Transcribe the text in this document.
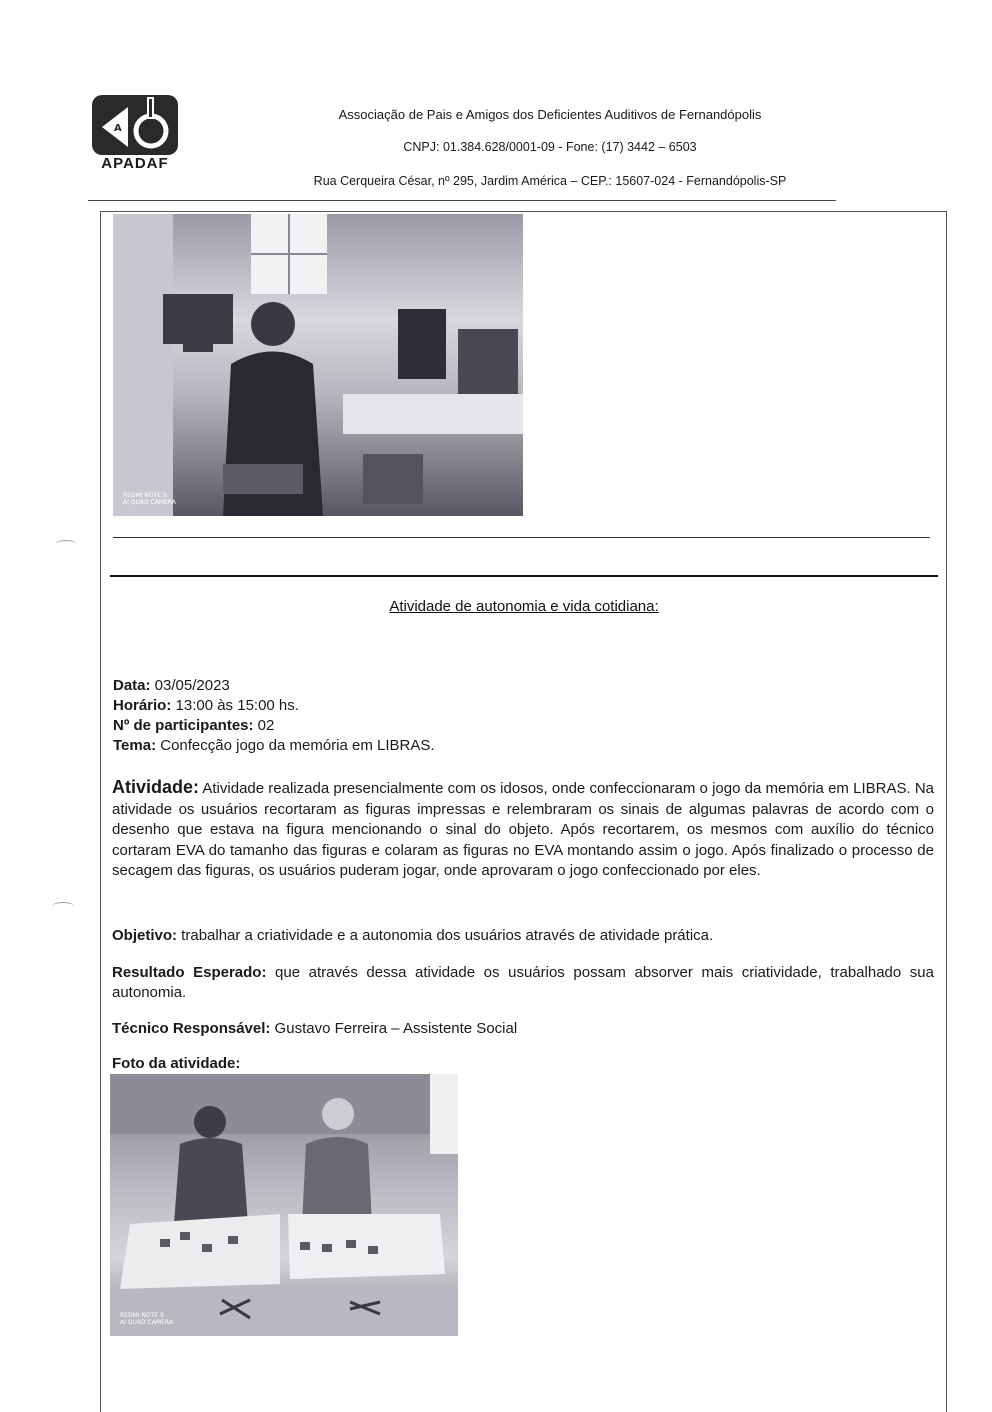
A
APADAF
Associação de Pais e Amigos dos Deficientes Auditivos de Fernandópolis
CNPJ: 01.384.628/0001-09 - Fone: (17) 3442 – 6503
Rua Cerqueira César, nº 295, Jardim América – CEP.: 15607-024 - Fernandópolis-SP
REDMI NOTE 9
AI QUAD CAMERA
Atividade de autonomia e vida cotidiana:
Data: 03/05/2023
Horário: 13:00 às 15:00 hs.
Nº de participantes: 02
Tema: Confecção jogo da memória em LIBRAS.
Atividade: Atividade realizada presencialmente com os idosos, onde confeccionaram o jogo da memória em LIBRAS. Na atividade os usuários recortaram as figuras impressas e relembraram os sinais de algumas palavras de acordo com o desenho que estava na figura mencionando o sinal do objeto. Após recortarem, os mesmos com auxílio do técnico cortaram EVA do tamanho das figuras e colaram as figuras no EVA montando assim o jogo. Após finalizado o processo de secagem das figuras, os usuários puderam jogar, onde aprovaram o jogo confeccionado por eles.
Objetivo: trabalhar a criatividade e a autonomia dos usuários através de atividade prática.
Resultado Esperado: que através dessa atividade os usuários possam absorver mais criatividade, trabalhado sua autonomia.
Técnico Responsável: Gustavo Ferreira – Assistente Social
Foto da atividade:
REDMI NOTE 9
AI QUAD CAMERA
